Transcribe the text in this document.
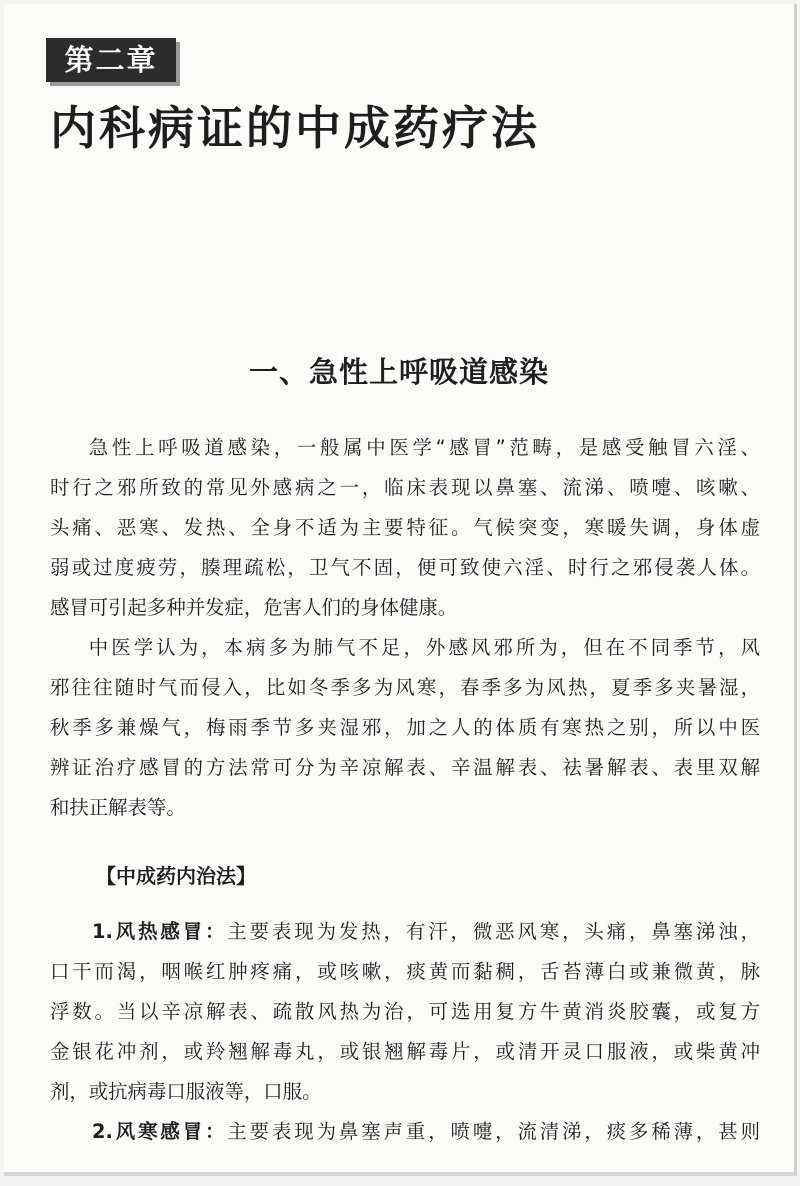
第二章
内科病证的中成药疗法
一、急性上呼吸道感染

急性上呼吸道感染，一般属中医学“感冒”范畴，是感受触冒六淫、
时行之邪所致的常见外感病之一，临床表现以鼻塞、流涕、喷嚏、咳嗽、
头痛、恶寒、发热、全身不适为主要特征。气候突变，寒暖失调，身体虚
弱或过度疲劳，腠理疏松，卫气不固，便可致使六淫、时行之邪侵袭人体。
感冒可引起多种并发症，危害人们的身体健康。

中医学认为，本病多为肺气不足，外感风邪所为，但在不同季节，风
邪往往随时气而侵入，比如冬季多为风寒，春季多为风热，夏季多夹暑湿，
秋季多兼燥气，梅雨季节多夹湿邪，加之人的体质有寒热之别，所以中医
辨证治疗感冒的方法常可分为辛凉解表、辛温解表、祛暑解表、表里双解
和扶正解表等。

【中成药内治法】
1.风热感冒：主要表现为发热，有汗，微恶风寒，头痛，鼻塞涕浊，
口干而渴，咽喉红肿疼痛，或咳嗽，痰黄而黏稠，舌苔薄白或兼微黄，脉
浮数。当以辛凉解表、疏散风热为治，可选用复方牛黄消炎胶囊，或复方
金银花冲剂，或羚翘解毒丸，或银翘解毒片，或清开灵口服液，或柴黄冲
剂，或抗病毒口服液等，口服。
2.风寒感冒：主要表现为鼻塞声重，喷嚏，流清涕，痰多稀薄，甚则
